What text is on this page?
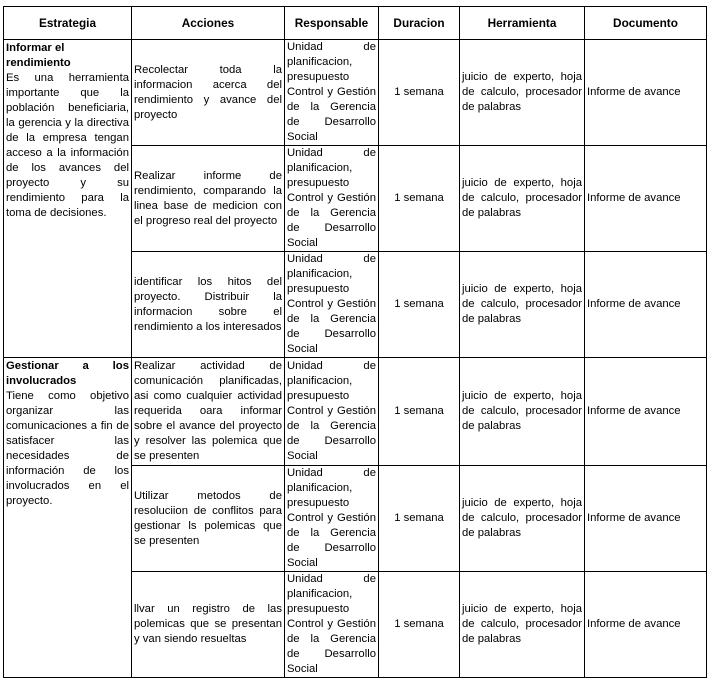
Estrategia	Acciones	Responsable	Duracion	Herramienta	Documento

Informar el rendimiento
Es una herramienta importante que la población beneficiaria, la gerencia y la directiva de la empresa tengan acceso a la información de los avances del proyecto y su rendimiento para la toma de decisiones.	Recolectar toda la informacion acerca del rendimiento y avance del proyecto	Unidad de planificacion, presupuesto Control y Gestión de la Gerencia de Desarrollo Social	1 semana	juicio de experto, hoja de calculo, procesador de palabras	Informe de avance
	Realizar informe de rendimiento, comparando la linea base de medicion con el progreso real del proyecto	Unidad de planificacion, presupuesto Control y Gestión de la Gerencia de Desarrollo Social	1 semana	juicio de experto, hoja de calculo, procesador de palabras	Informe de avance
	identificar los hitos del proyecto. Distribuir la informacion sobre el rendimiento a los interesados	Unidad de planificacion, presupuesto Control y Gestión de la Gerencia de Desarrollo Social	1 semana	juicio de experto, hoja de calculo, procesador de palabras	Informe de avance

Gestionar a los involucrados
Tiene como objetivo organizar las comunicaciones a fin de satisfacer las necesidades de información de los involucrados en el proyecto.	Realizar actividad de comunicación planificadas, asi como cualquier actividad requerida oara informar sobre el avance del proyecto y resolver las polemica que se presenten	Unidad de planificacion, presupuesto Control y Gestión de la Gerencia de Desarrollo Social	1 semana	juicio de experto, hoja de calculo, procesador de palabras	Informe de avance
	Utilizar metodos de resoluciion de conflitos para gestionar ls polemicas que se presenten	Unidad de planificacion, presupuesto Control y Gestión de la Gerencia de Desarrollo Social	1 semana	juicio de experto, hoja de calculo, procesador de palabras	Informe de avance
	llvar un registro de las polemicas que se presentan y van siendo resueltas	Unidad de planificacion, presupuesto Control y Gestión de la Gerencia de Desarrollo Social	1 semana	juicio de experto, hoja de calculo, procesador de palabras	Informe de avance
